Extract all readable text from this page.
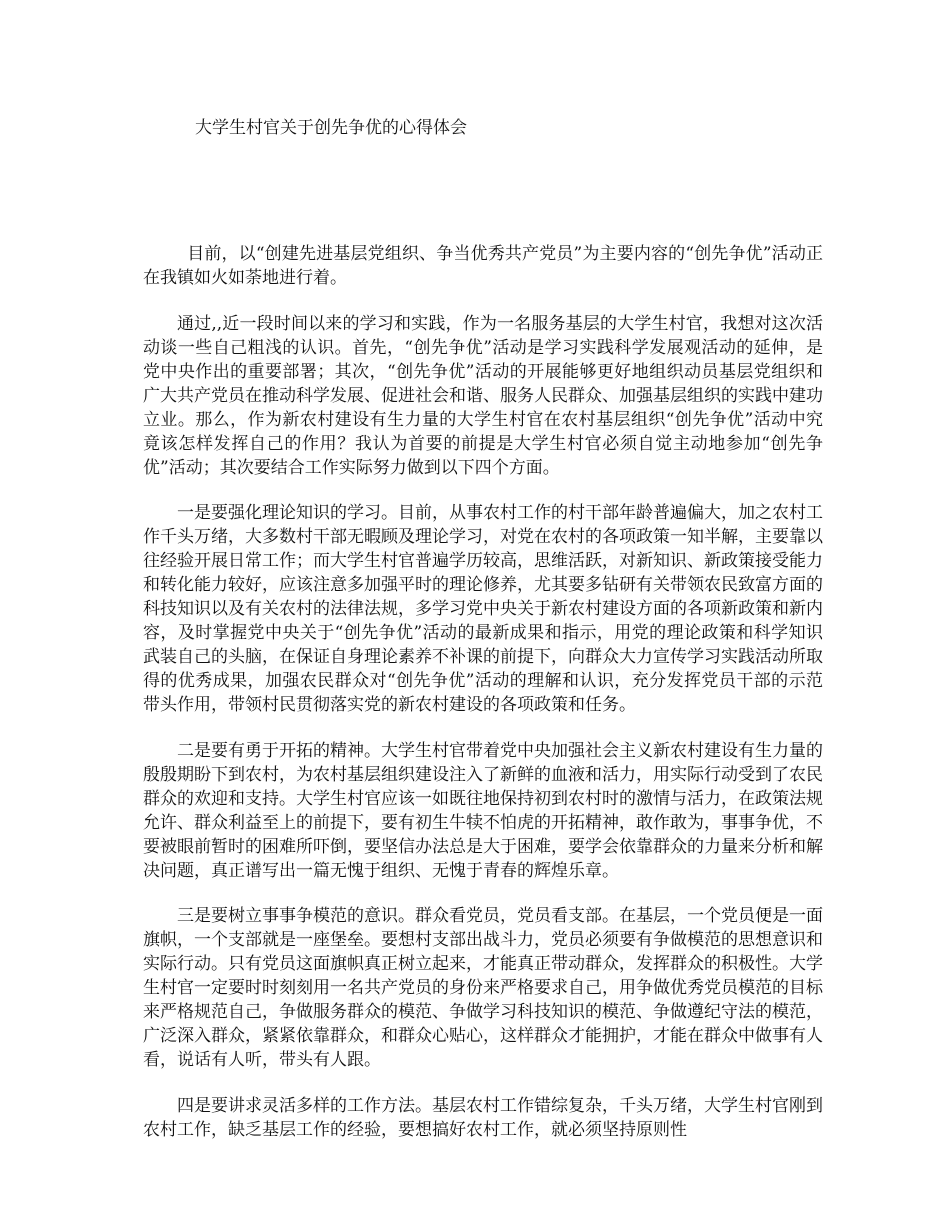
大学生村官关于创先争优的心得体会

目前，以“创建先进基层党组织、争当优秀共产党员”为主要内容的“创先争优”活动正在我镇如火如荼地进行着。

通过,,近一段时间以来的学习和实践，作为一名服务基层的大学生村官，我想对这次活动谈一些自己粗浅的认识。首先，“创先争优”活动是学习实践科学发展观活动的延伸，是党中央作出的重要部署；其次，“创先争优”活动的开展能够更好地组织动员基层党组织和广大共产党员在推动科学发展、促进社会和谐、服务人民群众、加强基层组织的实践中建功立业。那么，作为新农村建设有生力量的大学生村官在农村基层组织“创先争优”活动中究竟该怎样发挥自己的作用？我认为首要的前提是大学生村官必须自觉主动地参加“创先争优”活动；其次要结合工作实际努力做到以下四个方面。

一是要强化理论知识的学习。目前，从事农村工作的村干部年龄普遍偏大，加之农村工作千头万绪，大多数村干部无暇顾及理论学习，对党在农村的各项政策一知半解，主要靠以往经验开展日常工作；而大学生村官普遍学历较高，思维活跃，对新知识、新政策接受能力和转化能力较好，应该注意多加强平时的理论修养，尤其要多钻研有关带领农民致富方面的科技知识以及有关农村的法律法规，多学习党中央关于新农村建设方面的各项新政策和新内容，及时掌握党中央关于“创先争优”活动的最新成果和指示，用党的理论政策和科学知识武装自己的头脑，在保证自身理论素养不补课的前提下，向群众大力宣传学习实践活动所取得的优秀成果，加强农民群众对“创先争优”活动的理解和认识，充分发挥党员干部的示范带头作用，带领村民贯彻落实党的新农村建设的各项政策和任务。

二是要有勇于开拓的精神。大学生村官带着党中央加强社会主义新农村建设有生力量的殷殷期盼下到农村，为农村基层组织建设注入了新鲜的血液和活力，用实际行动受到了农民群众的欢迎和支持。大学生村官应该一如既往地保持初到农村时的激情与活力，在政策法规允许、群众利益至上的前提下，要有初生牛犊不怕虎的开拓精神，敢作敢为，事事争优，不要被眼前暂时的困难所吓倒，要坚信办法总是大于困难，要学会依靠群众的力量来分析和解决问题，真正谱写出一篇无愧于组织、无愧于青春的辉煌乐章。

三是要树立事事争模范的意识。群众看党员，党员看支部。在基层，一个党员便是一面旗帜，一个支部就是一座堡垒。要想村支部出战斗力，党员必须要有争做模范的思想意识和实际行动。只有党员这面旗帜真正树立起来，才能真正带动群众，发挥群众的积极性。大学生村官一定要时时刻刻用一名共产党员的身份来严格要求自己，用争做优秀党员模范的目标来严格规范自己，争做服务群众的模范、争做学习科技知识的模范、争做遵纪守法的模范，广泛深入群众，紧紧依靠群众，和群众心贴心，这样群众才能拥护，才能在群众中做事有人看，说话有人听，带头有人跟。

四是要讲求灵活多样的工作方法。基层农村工作错综复杂，千头万绪，大学生村官刚到农村工作，缺乏基层工作的经验，要想搞好农村工作，就必须坚持原则性
